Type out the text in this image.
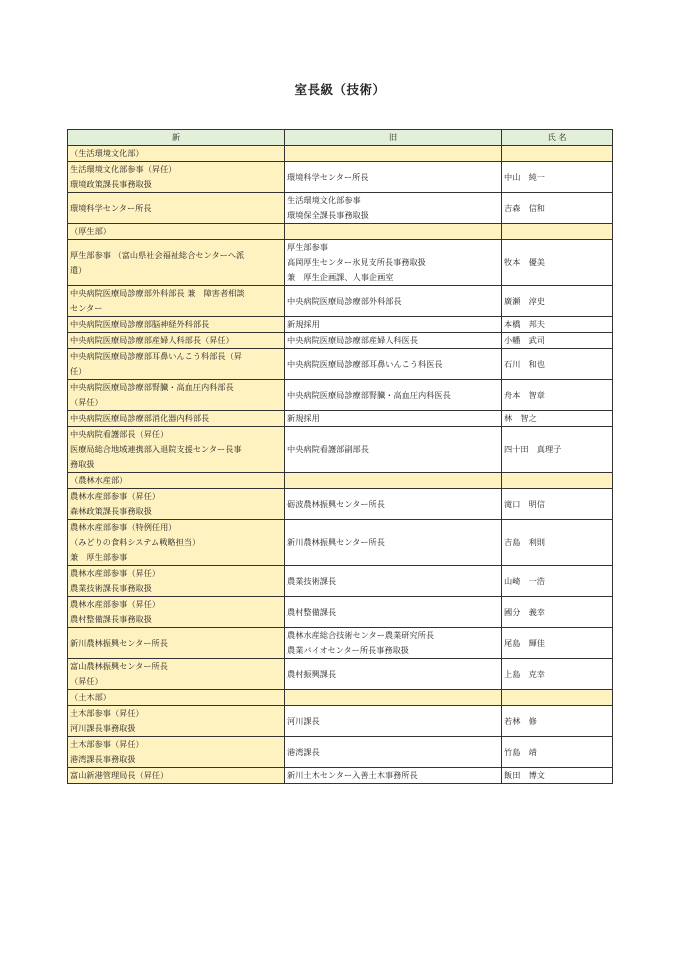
室長級（技術）
新	旧	氏 名
（生活環境文化部）		

生活環境文化部参事（昇任）
環境政策課長事務取扱	環境科学センター所長	中山　純一

環境科学センター所長	生活環境文化部参事
環境保全課長事務取扱	吉森　信和
（厚生部）		

厚生部参事 （富山県社会福祉総合センターへ派
遣）	厚生部参事
高岡厚生センター氷見支所長事務取扱
兼　厚生企画課、人事企画室	牧本　優美

中央病院医療局診療部外科部長 兼　障害者相談
センター	中央病院医療局診療部外科部長	廣瀬　淳史

中央病院医療局診療部脳神経外科部長	新規採用	本橋　邦夫

中央病院医療局診療部産婦人科部長（昇任）	中央病院医療局診療部産婦人科医長	小幡　武司

中央病院医療局診療部耳鼻いんこう科部長（昇
任）	中央病院医療局診療部耳鼻いんこう科医長	石川　和也

中央病院医療局診療部腎臓・高血圧内科部長
（昇任）	中央病院医療局診療部腎臓・高血圧内科医長	舟本　智章

中央病院医療局診療部消化器内科部長	新規採用	林　智之

中央病院看護部長（昇任）
医療局総合地域連携部入退院支援センター長事
務取扱	中央病院看護部副部長	四十田　真理子
（農林水産部）		

農林水産部参事（昇任）
森林政策課長事務取扱	砺波農林振興センター所長	滝口　明信

農林水産部参事（特例任用）
（みどりの食料システム戦略担当）
兼　厚生部参事	新川農林振興センター所長	吉島　利則

農林水産部参事（昇任）
農業技術課長事務取扱	農業技術課長	山崎　一浩

農林水産部参事（昇任）
農村整備課長事務取扱	農村整備課長	國分　義幸

新川農林振興センター所長	農林水産総合技術センター農業研究所長
農業バイオセンター所長事務取扱	尾島　輝佳

富山農林振興センター所長
（昇任）	農村振興課長	上島　克幸
（土木部）		

土木部参事（昇任）
河川課長事務取扱	河川課長	若林　修

土木部参事（昇任）
港湾課長事務取扱	港湾課長	竹島　靖

富山新港管理局長（昇任）	新川土木センター入善土木事務所長	飯田　博文
